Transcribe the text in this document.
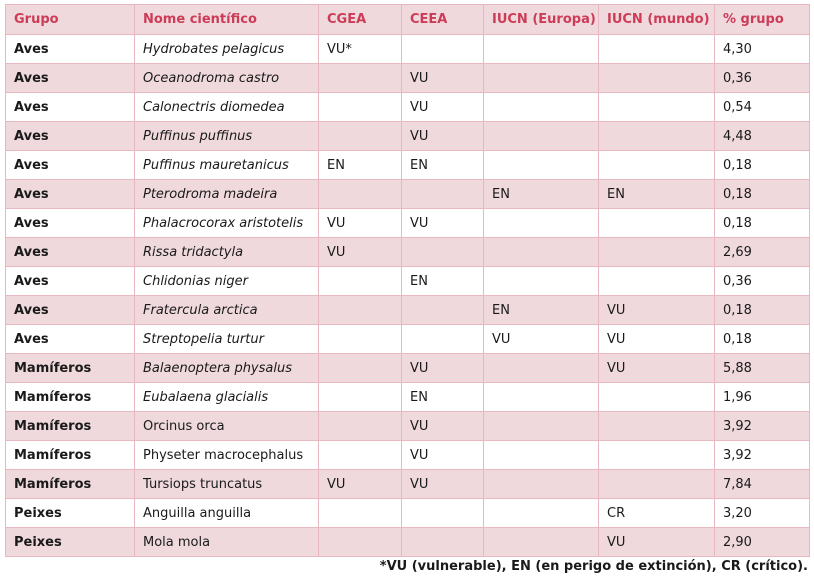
Grupo	Nome científico	CGEA	CEEA	IUCN (Europa)	IUCN (mundo)	% grupo
Aves	Hydrobates pelagicus	VU*				4,30
Aves	Oceanodroma castro		VU			0,36
Aves	Calonectris diomedea		VU			0,54
Aves	Puffinus puffinus		VU			4,48
Aves	Puffinus mauretanicus	EN	EN			0,18
Aves	Pterodroma madeira			EN	EN	0,18
Aves	Phalacrocorax aristotelis	VU	VU			0,18
Aves	Rissa tridactyla	VU				2,69
Aves	Chlidonias niger		EN			0,36
Aves	Fratercula arctica			EN	VU	0,18
Aves	Streptopelia turtur			VU	VU	0,18
Mamíferos	Balaenoptera physalus		VU		VU	5,88
Mamíferos	Eubalaena glacialis		EN			1,96
Mamíferos	Orcinus orca		VU			3,92
Mamíferos	Physeter macrocephalus		VU			3,92
Mamíferos	Tursiops truncatus	VU	VU			7,84
Peixes	Anguilla anguilla				CR	3,20
Peixes	Mola mola				VU	2,90
*VU (vulnerable), EN (en perigo de extinción), CR (crítico).
